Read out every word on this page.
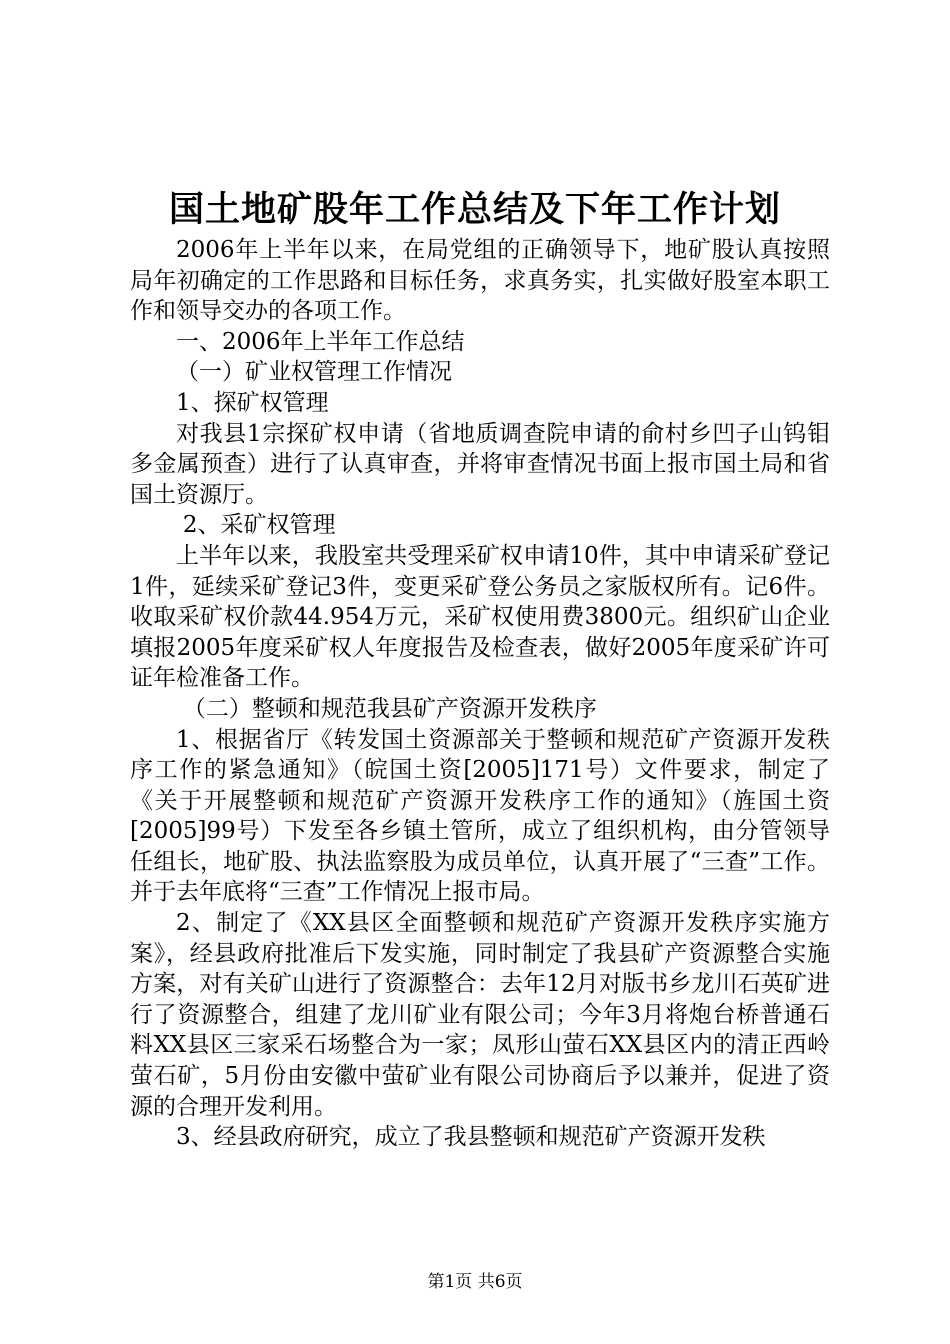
国土地矿股年工作总结及下年工作计划

2006年上半年以来，在局党组的正确领导下，地矿股认真按照局年初确定的工作思路和目标任务，求真务实，扎实做好股室本职工作和领导交办的各项工作。

一、2006年上半年工作总结

（一）矿业权管理工作情况

1、探矿权管理

对我县1宗探矿权申请（省地质调查院申请的俞村乡凹子山钨钼多金属预查）进行了认真审查，并将审查情况书面上报市国土局和省国土资源厅。

2、采矿权管理

上半年以来，我股室共受理采矿权申请10件，其中申请采矿登记1件，延续采矿登记3件，变更采矿登公务员之家版权所有。记6件。收取采矿权价款44.954万元，采矿权使用费3800元。组织矿山企业填报2005年度采矿权人年度报告及检查表，做好2005年度采矿许可证年检准备工作。

（二）整顿和规范我县矿产资源开发秩序

1、根据省厅《转发国土资源部关于整顿和规范矿产资源开发秩序工作的紧急通知》（皖国土资[2005]171号）文件要求，制定了《关于开展整顿和规范矿产资源开发秩序工作的通知》（旌国土资[2005]99号）下发至各乡镇土管所，成立了组织机构，由分管领导任组长，地矿股、执法监察股为成员单位，认真开展了“三查”工作。并于去年底将“三查”工作情况上报市局。

2、制定了《XX县区全面整顿和规范矿产资源开发秩序实施方案》，经县政府批准后下发实施，同时制定了我县矿产资源整合实施方案，对有关矿山进行了资源整合：去年12月对版书乡龙川石英矿进行了资源整合，组建了龙川矿业有限公司；今年3月将炮台桥普通石料XX县区三家采石场整合为一家；凤形山萤石XX县区内的清正西岭萤石矿，5月份由安徽中萤矿业有限公司协商后予以兼并，促进了资源的合理开发利用。

3、经县政府研究，成立了我县整顿和规范矿产资源开发秩

第1页 共6页
